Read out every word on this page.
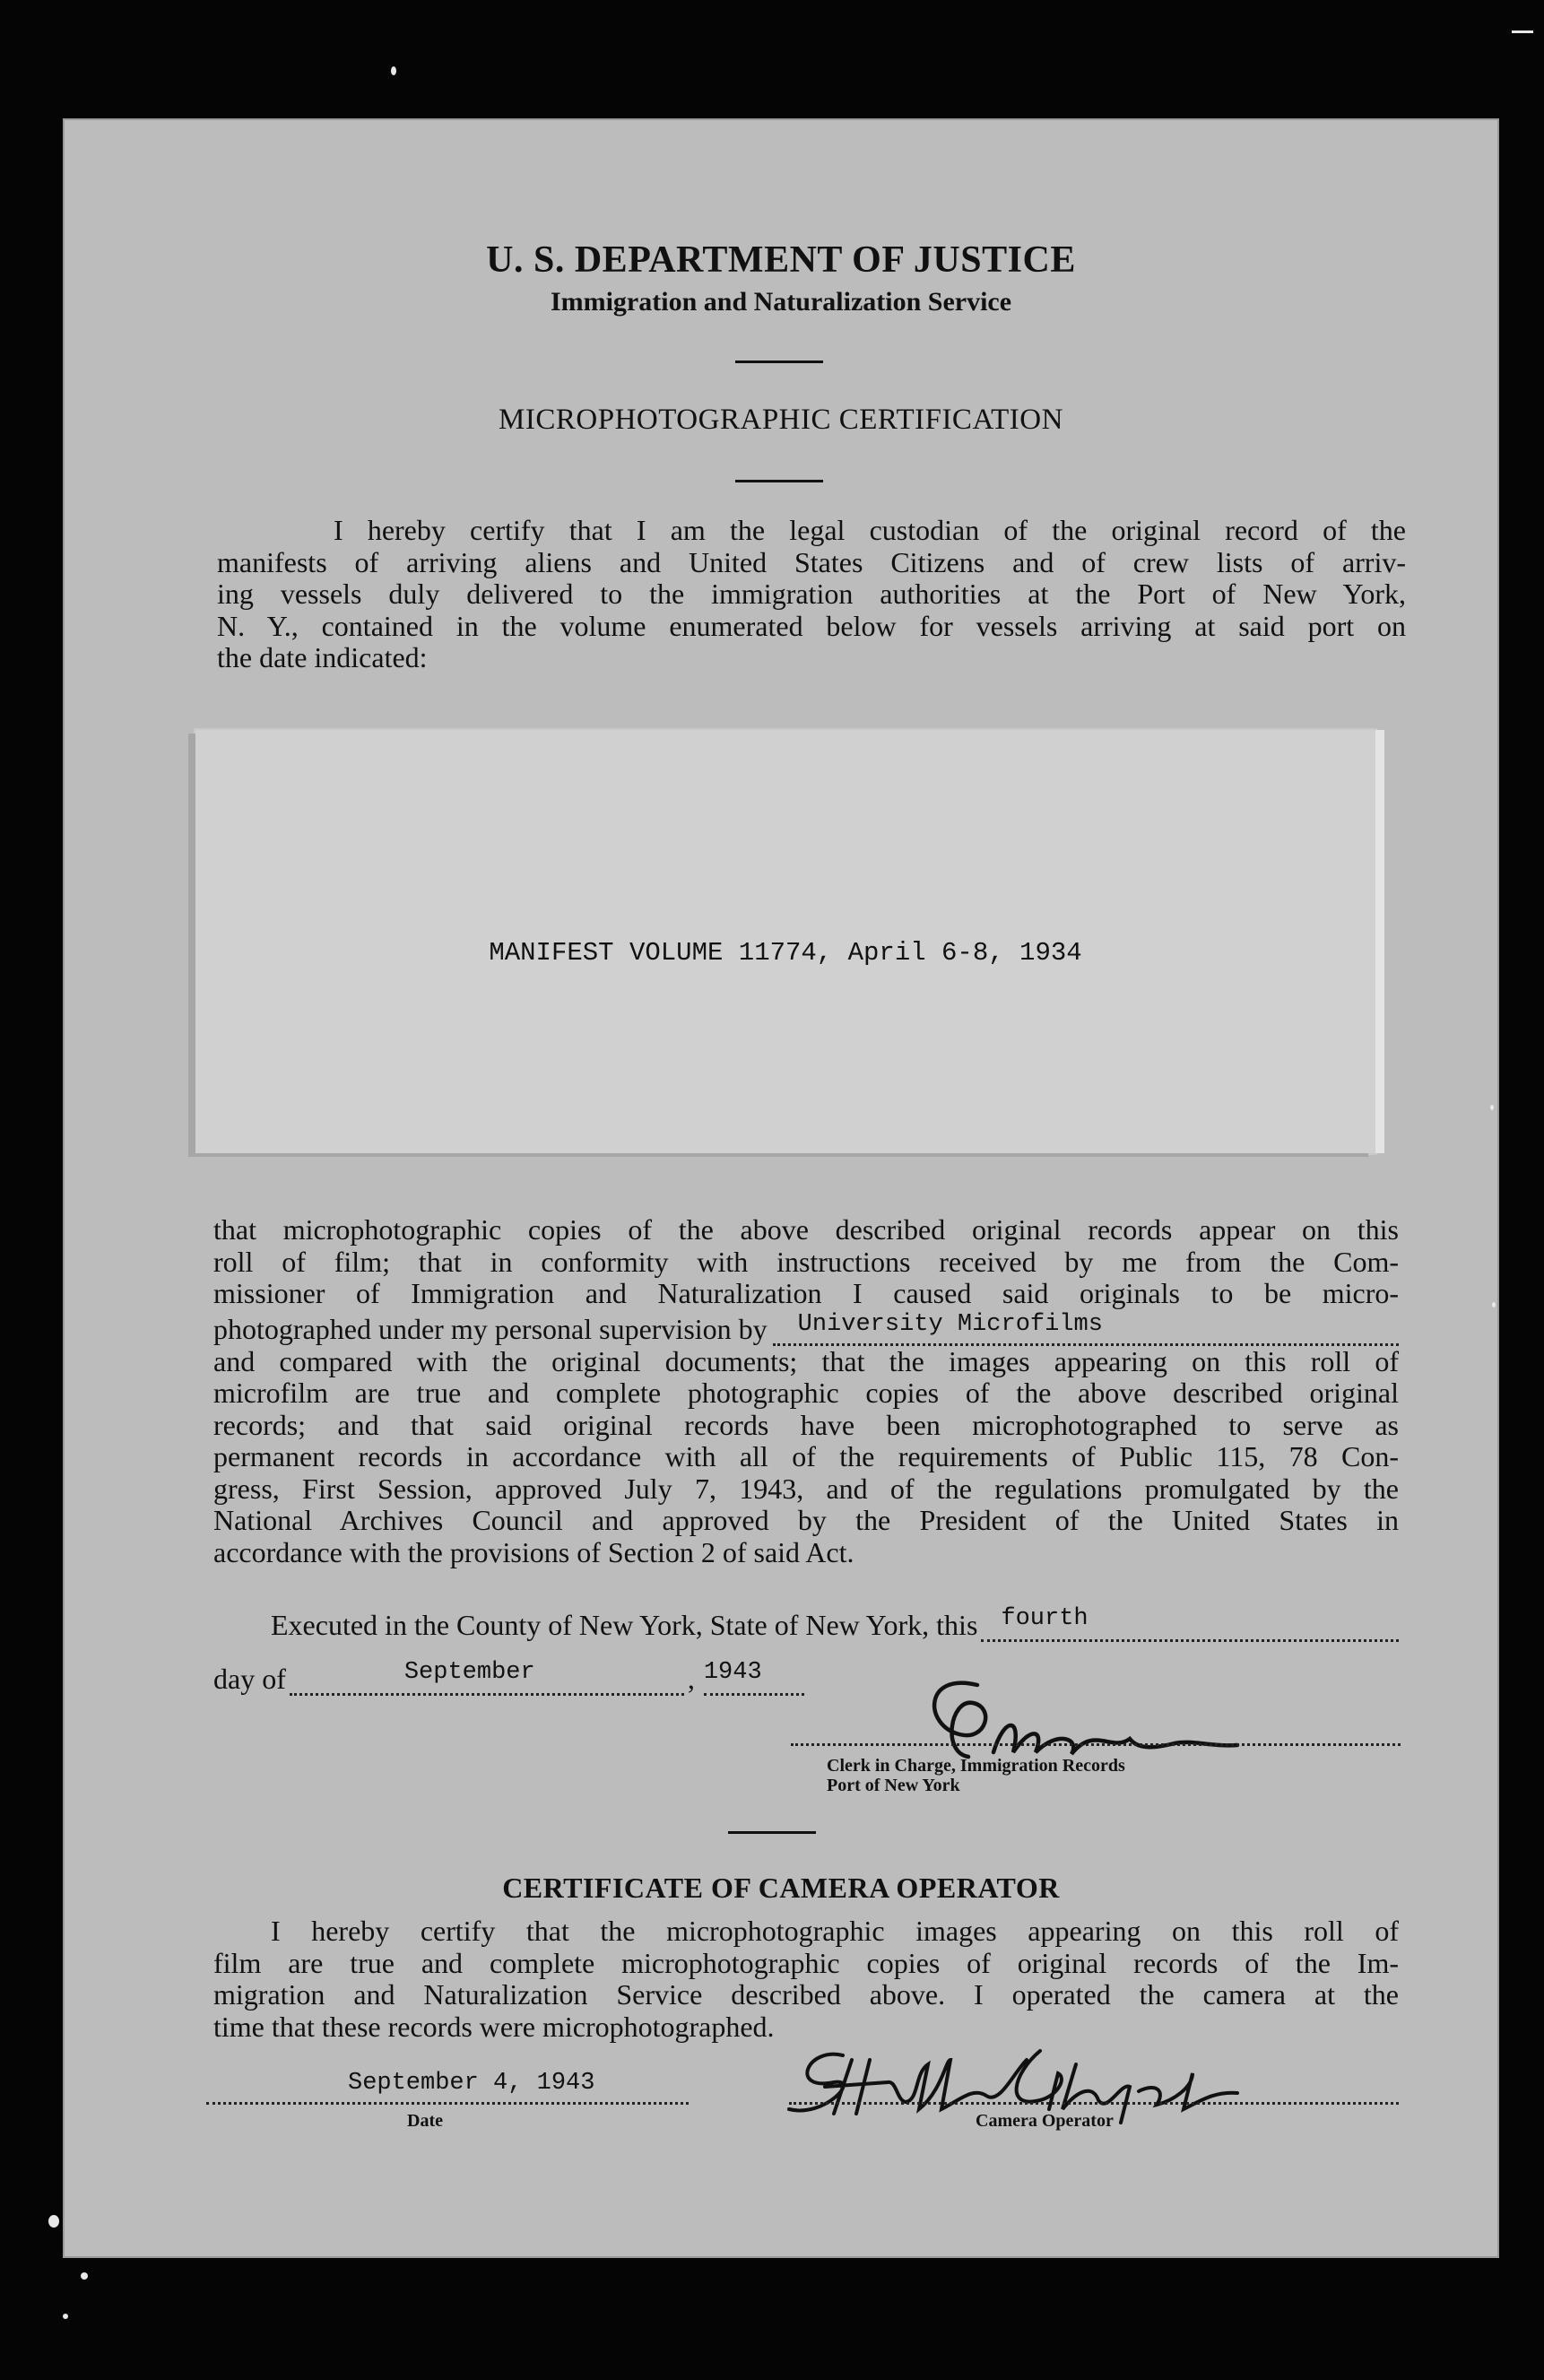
U. S. DEPARTMENT OF JUSTICE
Immigration and Naturalization Service
MICROPHOTOGRAPHIC CERTIFICATION
I hereby certify that I am the legal custodian of the original record of the
manifests of arriving aliens and United States Citizens and of crew lists of arriv-
ing vessels duly delivered to the immigration authorities at the Port of New York,
N. Y., contained in the volume enumerated below for vessels arriving at said port on
the date indicated:
MANIFEST VOLUME 11774, April 6-8, 1934
that microphotographic copies of the above described original records appear on this
roll of film; that in conformity with instructions received by me from the Com-
missioner of Immigration and Naturalization I caused said originals to be micro-
photographed under my personal supervision by University Microfilms
and compared with the original documents; that the images appearing on this roll of
microfilm are true and complete photographic copies of the above described original
records; and that said original records have been microphotographed to serve as
permanent records in accordance with all of the requirements of Public 115, 78 Con-
gress, First Session, approved July 7, 1943, and of the regulations promulgated by the
National Archives Council and approved by the President of the United States in
accordance with the provisions of Section 2 of said Act.
Executed in the County of New York, State of New York, this fourth
day of	September	, 1943
Clerk in Charge, Immigration Records
Port of New York
CERTIFICATE OF CAMERA OPERATOR
I hereby certify that the microphotographic images appearing on this roll of
film are true and complete microphotographic copies of original records of the Im-
migration and Naturalization Service described above. I operated the camera at the
time that these records were microphotographed.
September 4, 1943
Date	Camera Operator
